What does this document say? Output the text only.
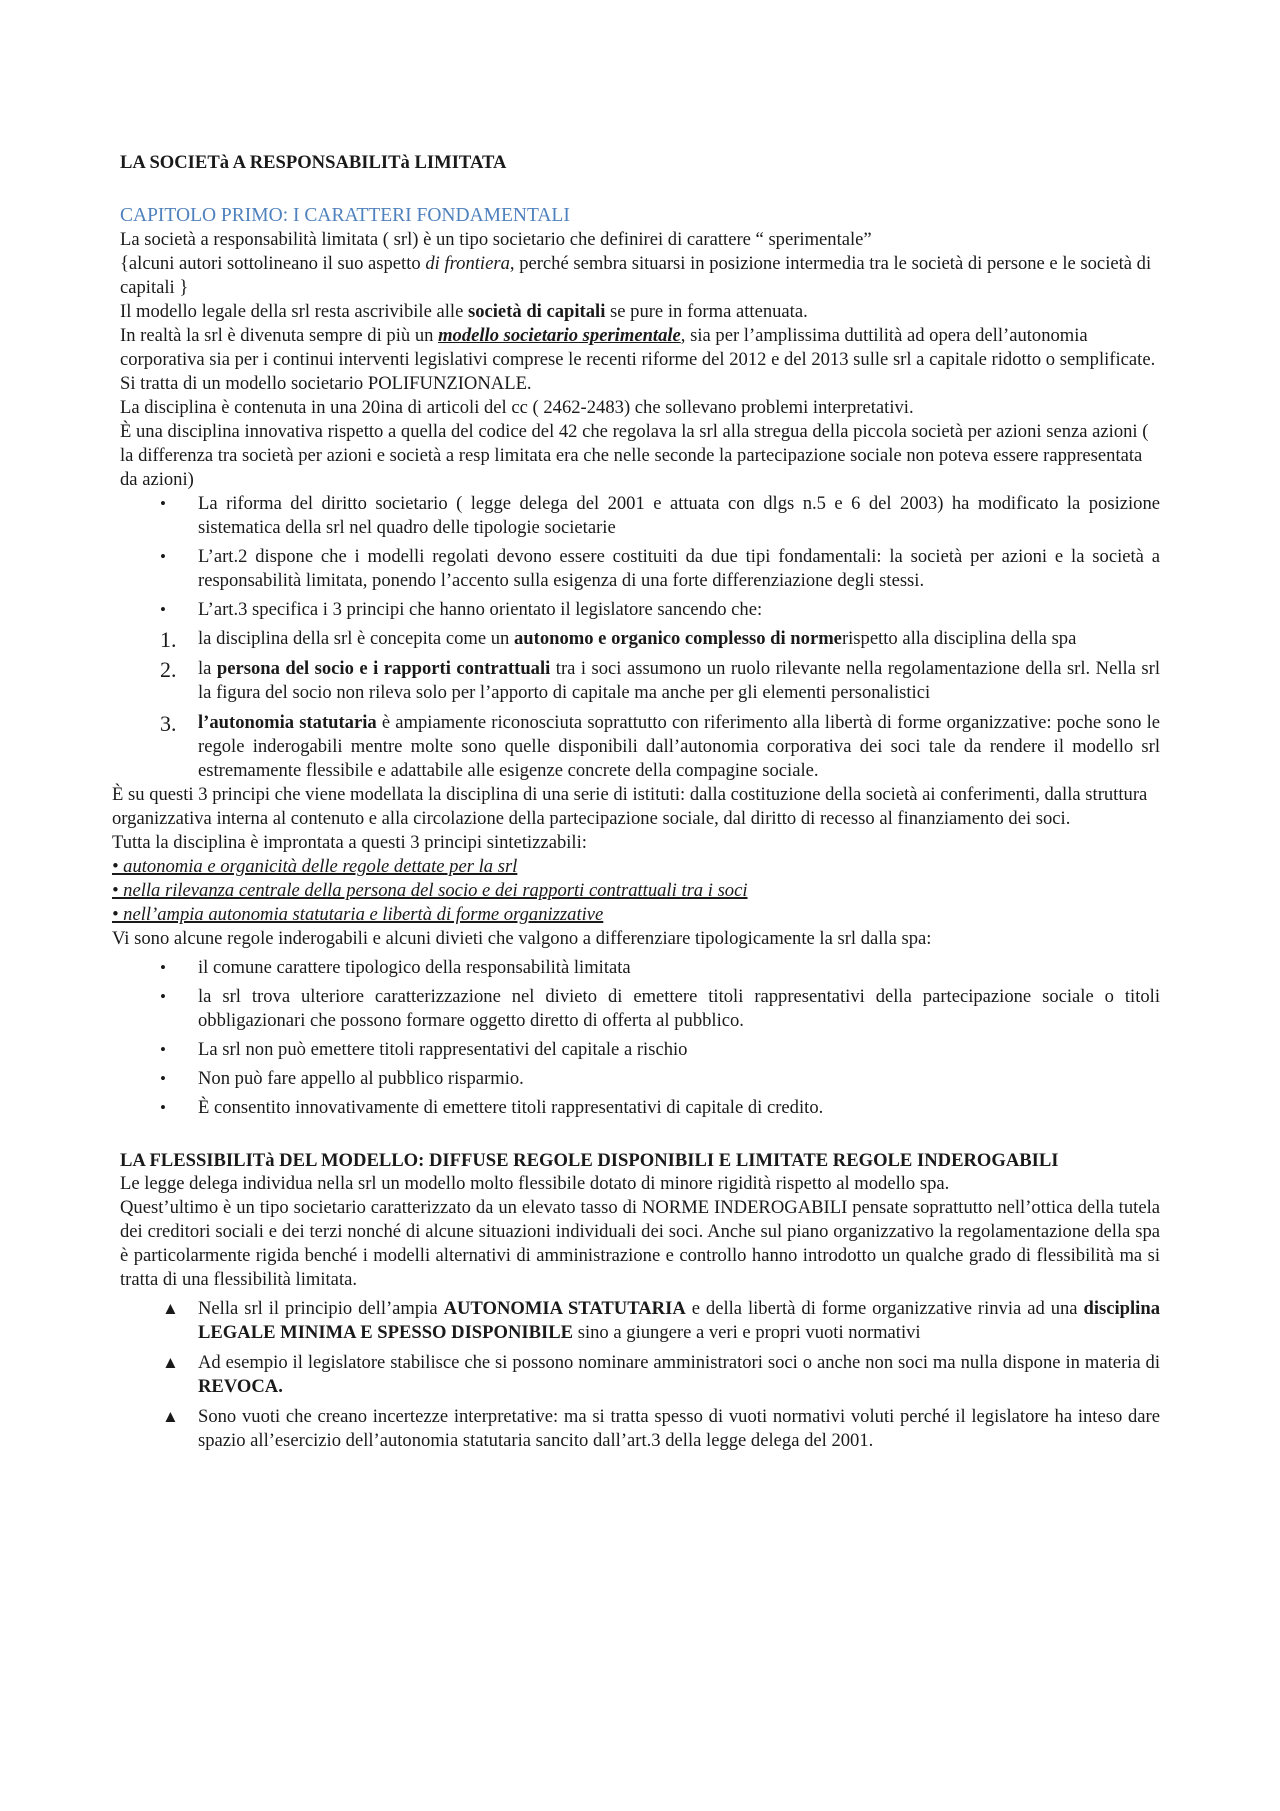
LA SOCIETà A RESPONSABILITà LIMITATA

CAPITOLO PRIMO: I CARATTERI FONDAMENTALI

La società a responsabilità limitata ( srl) è un tipo societario che definirei di carattere “ sperimentale”

{alcuni autori sottolineano il suo aspetto di frontiera, perché sembra situarsi in posizione intermedia tra le società di persone e le società di capitali }

Il modello legale della srl resta ascrivibile alle società di capitali se pure in forma attenuata.

In realtà la srl è divenuta sempre di più un modello societario sperimentale, sia per l’amplissima duttilità ad opera dell’autonomia corporativa sia per i continui interventi legislativi comprese le recenti riforme del 2012 e del 2013 sulle srl a capitale ridotto o semplificate.

Si tratta di un modello societario POLIFUNZIONALE.

La disciplina è contenuta in una 20ina di articoli del cc ( 2462-2483) che sollevano problemi interpretativi.

È una disciplina innovativa rispetto a quella del codice del 42 che regolava la srl alla stregua della piccola società per azioni senza azioni ( la differenza tra società per azioni e società a resp limitata era che nelle seconde la partecipazione sociale non poteva essere rappresentata da azioni)

•	La riforma del diritto societario ( legge delega del 2001 e attuata con dlgs n.5 e 6 del 2003) ha modificato la posizione sistematica della srl nel quadro delle tipologie societarie
•	L’art.2 dispone che i modelli regolati devono essere costituiti da due tipi fondamentali: la società per azioni e la società a responsabilità limitata, ponendo l’accento sulla esigenza di una forte differenziazione degli stessi.
•	L’art.3 specifica i 3 principi che hanno orientato il legislatore sancendo che:
1.	la disciplina della srl è concepita come un autonomo e organico complesso di normerispetto alla disciplina della spa
2.	la persona del socio e i rapporti contrattuali tra i soci assumono un ruolo rilevante nella regolamentazione della srl. Nella srl la figura del socio non rileva solo per l’apporto di capitale ma anche per gli elementi personalistici
3.	l’autonomia statutaria è ampiamente riconosciuta soprattutto con riferimento alla libertà di forme organizzative: poche sono le regole inderogabili mentre molte sono quelle disponibili dall’autonomia corporativa dei soci tale da rendere il modello srl estremamente flessibile e adattabile alle esigenze concrete della compagine sociale.

È su questi 3 principi che viene modellata la disciplina di una serie di istituti: dalla costituzione della società ai conferimenti, dalla struttura organizzativa interna al contenuto e alla circolazione della partecipazione sociale, dal diritto di recesso al finanziamento dei soci.

Tutta la disciplina è improntata a questi 3 principi sintetizzabili:

• autonomia e organicità delle regole dettate per la srl

• nella rilevanza centrale della persona del socio e dei rapporti contrattuali tra i soci

• nell’ampia autonomia statutaria e libertà di forme organizzative

Vi sono alcune regole inderogabili e alcuni divieti che valgono a differenziare tipologicamente la srl dalla spa:

•	il comune carattere tipologico della responsabilità limitata
•	la srl trova ulteriore caratterizzazione nel divieto di emettere titoli rappresentativi della partecipazione sociale o titoli obbligazionari che possono formare oggetto diretto di offerta al pubblico.
•	La srl non può emettere titoli rappresentativi del capitale a rischio
•	Non può fare appello al pubblico risparmio.
•	È consentito innovativamente di emettere titoli rappresentativi di capitale di credito.

LA FLESSIBILITà DEL MODELLO: DIFFUSE REGOLE DISPONIBILI E LIMITATE REGOLE INDEROGABILI

Le legge delega individua nella srl un modello molto flessibile dotato di minore rigidità rispetto al modello spa.

Quest’ultimo è un tipo societario caratterizzato da un elevato tasso di NORME INDEROGABILI pensate soprattutto nell’ottica della tutela dei creditori sociali e dei terzi nonché di alcune situazioni individuali dei soci. Anche sul piano organizzativo la regolamentazione della spa è particolarmente rigida benché i modelli alternativi di amministrazione e controllo hanno introdotto un qualche grado di flessibilità ma si tratta di una flessibilità limitata.

▲	Nella srl il principio dell’ampia AUTONOMIA STATUTARIA e della libertà di forme organizzative rinvia ad una disciplina LEGALE MINIMA E SPESSO DISPONIBILE sino a giungere a veri e propri vuoti normativi
▲	Ad esempio il legislatore stabilisce che si possono nominare amministratori soci o anche non soci ma nulla dispone in materia di REVOCA.
▲	Sono vuoti che creano incertezze interpretative: ma si tratta spesso di vuoti normativi voluti perché il legislatore ha inteso dare spazio all’esercizio dell’autonomia statutaria sancito dall’art.3 della legge delega del 2001.
